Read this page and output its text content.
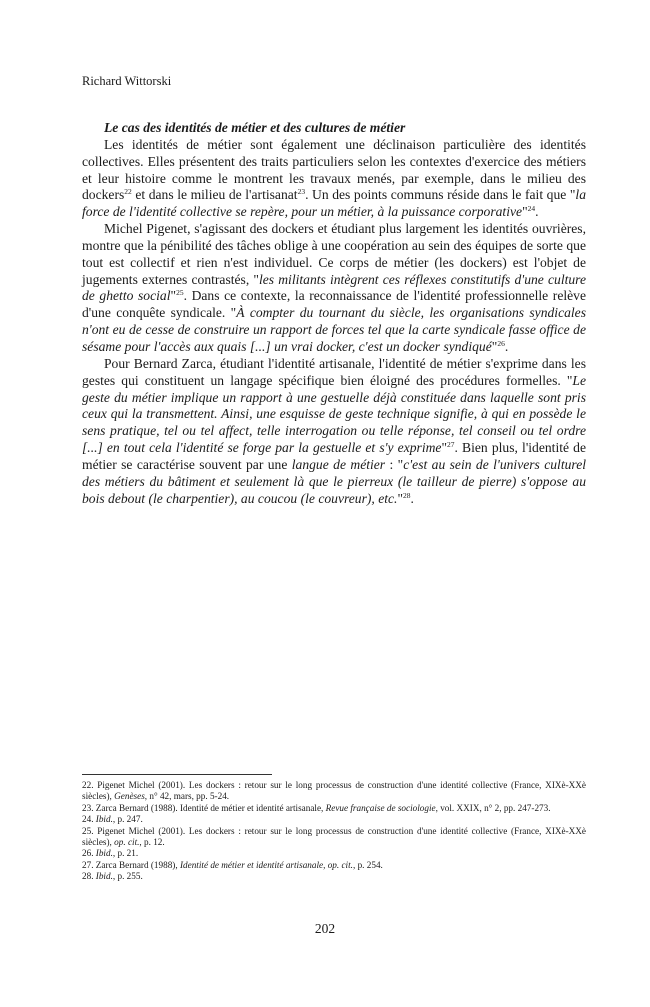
Richard Wittorski

Le cas des identités de métier et des cultures de métier

Les identités de métier sont également une déclinaison particulière des identités collectives. Elles présentent des traits particuliers selon les contextes d'exercice des métiers et leur histoire comme le montrent les travaux menés, par exemple, dans le milieu des dockers$^{22}$ et dans le milieu de l'artisanat$^{23}$. Un des points communs réside dans le fait que "la force de l'identité collective se repère, pour un métier, à la puissance corporative"$^{24}$.

Michel Pigenet, s'agissant des dockers et étudiant plus largement les identités ouvrières, montre que la pénibilité des tâches oblige à une coopération au sein des équipes de sorte que tout est collectif et rien n'est individuel. Ce corps de métier (les dockers) est l'objet de jugements externes contrastés, "les militants intègrent ces réflexes constitutifs d'une culture de ghetto social"$^{25}$. Dans ce contexte, la reconnaissance de l'identité professionnelle relève d'une conquête syndicale. "À compter du tournant du siècle, les organisations syndicales n'ont eu de cesse de construire un rapport de forces tel que la carte syndicale fasse office de sésame pour l'accès aux quais [...] un vrai docker, c'est un docker syndiqué"$^{26}$.

Pour Bernard Zarca, étudiant l'identité artisanale, l'identité de métier s'exprime dans les gestes qui constituent un langage spécifique bien éloigné des procédures formelles. "Le geste du métier implique un rapport à une gestuelle déjà constituée dans laquelle sont pris ceux qui la transmettent. Ainsi, une esquisse de geste technique signifie, à qui en possède le sens pratique, tel ou tel affect, telle interrogation ou telle réponse, tel conseil ou tel ordre [...] en tout cela l'identité se forge par la gestuelle et s'y exprime"$^{27}$. Bien plus, l'identité de métier se caractérise souvent par une langue de métier : "c'est au sein de l'univers culturel des métiers du bâtiment et seulement là que le pierreux (le tailleur de pierre) s'oppose au bois debout (le charpentier), au coucou (le couvreur), etc."$^{28}$.

22. Pigenet Michel (2001). Les dockers : retour sur le long processus de construction d'une identité collective (France, XIXè-XXè siècles), Genèses, n° 42, mars, pp. 5-24.
23. Zarca Bernard (1988). Identité de métier et identité artisanale, Revue française de sociologie, vol. XXIX, n° 2, pp. 247-273.
24. Ibid., p. 247.
25. Pigenet Michel (2001). Les dockers : retour sur le long processus de construction d'une identité collective (France, XIXè-XXè siècles), op. cit., p. 12.
26. Ibid., p. 21.
27. Zarca Bernard (1988), Identité de métier et identité artisanale, op. cit., p. 254.
28. Ibid., p. 255.
202
